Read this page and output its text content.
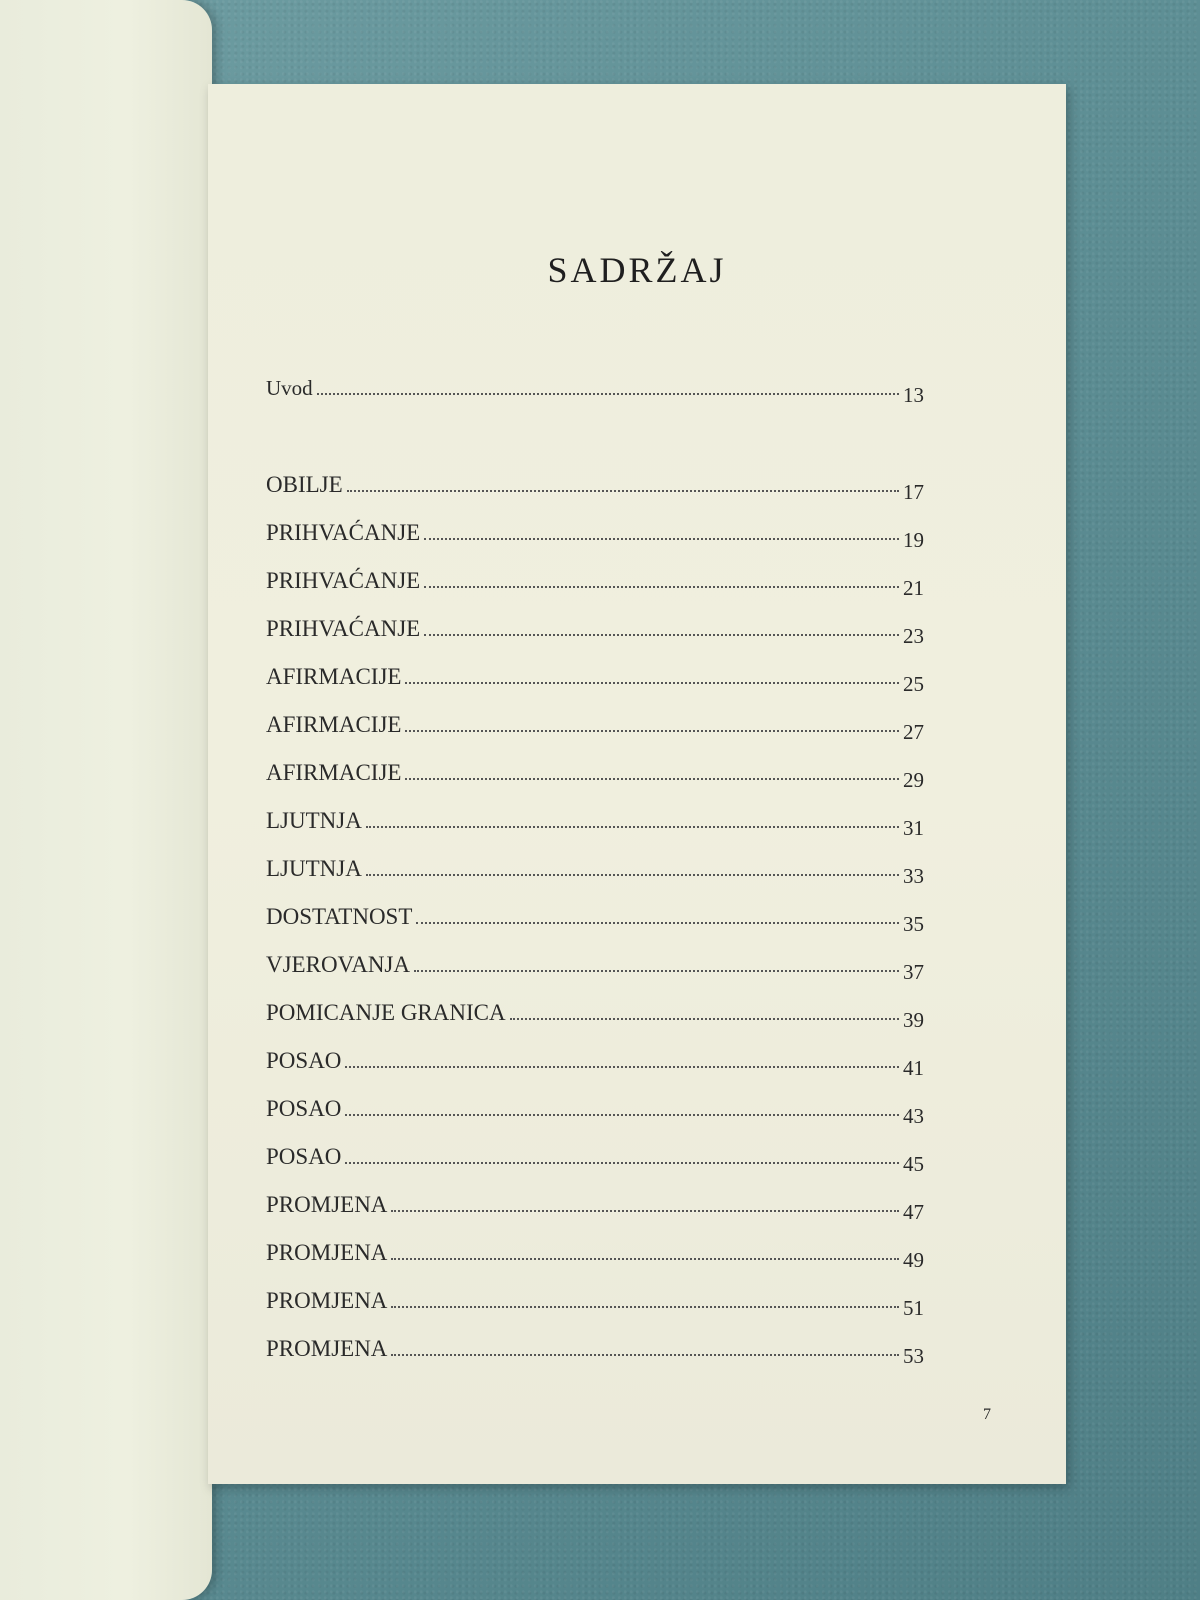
SADRŽAJ
Uvod	13
OBILJE	17
PRIHVAĆANJE	19
PRIHVAĆANJE	21
PRIHVAĆANJE	23
AFIRMACIJE	25
AFIRMACIJE	27
AFIRMACIJE	29
LJUTNJA	31
LJUTNJA	33
DOSTATNOST	35
VJEROVANJA	37
POMICANJE GRANICA	39
POSAO	41
POSAO	43
POSAO	45
PROMJENA	47
PROMJENA	49
PROMJENA	51
PROMJENA	53
7
